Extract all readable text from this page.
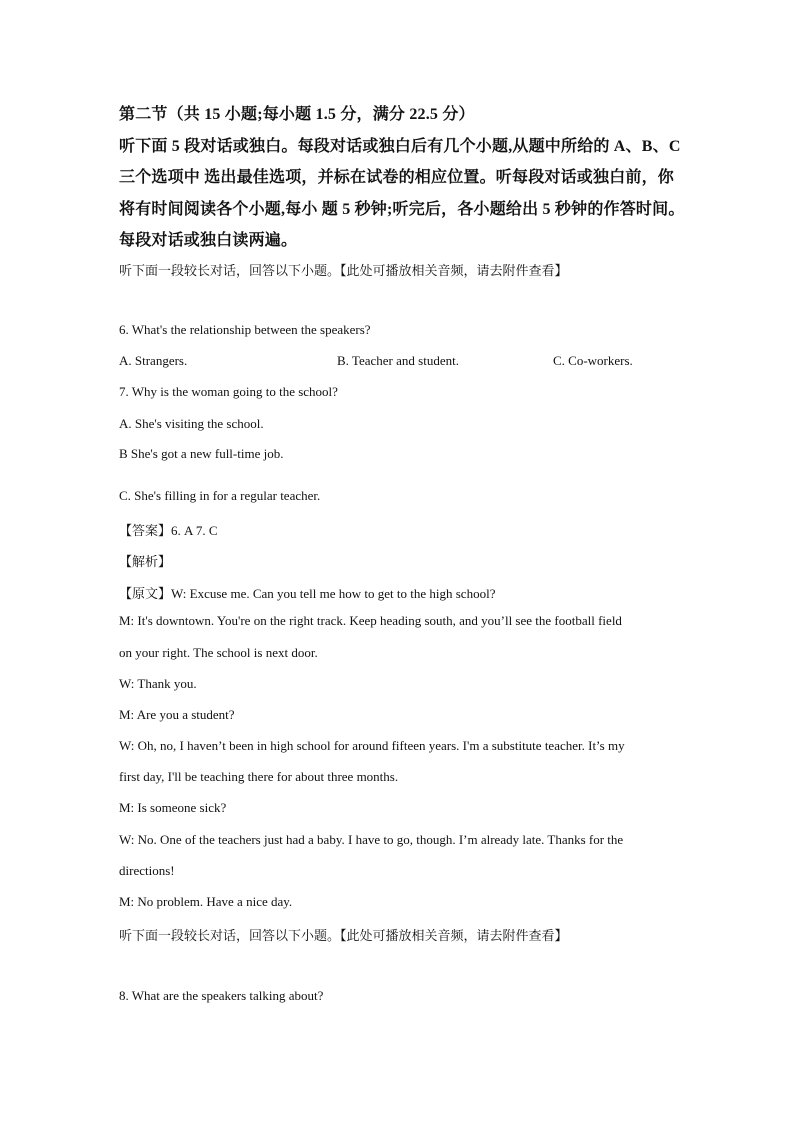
第二节（共 15 小题;每小题 1.5 分，满分 22.5 分）
听下面 5 段对话或独白。每段对话或独白后有几个小题,从题中所给的 A、B、C
三个选项中 选出最佳选项，并标在试卷的相应位置。听每段对话或独白前，你
将有时间阅读各个小题,每小 题 5 秒钟;听完后，各小题给出 5 秒钟的作答时间。
每段对话或独白读两遍。
听下面一段较长对话，回答以下小题。【此处可播放相关音频，请去附件查看】
6. What's the relationship between the speakers?
A. Strangers.	B. Teacher and student.	C. Co-workers.
7. Why is the woman going to the school?
A. She's visiting the school.
B She's got a new full-time job.
C. She's filling in for a regular teacher.
【答案】6. A 7. C
【解析】
【原文】W: Excuse me. Can you tell me how to get to the high school?
M: It's downtown. You're on the right track. Keep heading south, and you’ll see the football field
on your right. The school is next door.
W: Thank you.
M: Are you a student?
W: Oh, no, I haven’t been in high school for around fifteen years. I'm a substitute teacher. It’s my
first day, I'll be teaching there for about three months.
M: Is someone sick?
W: No. One of the teachers just had a baby. I have to go, though. I’m already late. Thanks for the
directions!
M: No problem. Have a nice day.
听下面一段较长对话，回答以下小题。【此处可播放相关音频，请去附件查看】
8. What are the speakers talking about?
